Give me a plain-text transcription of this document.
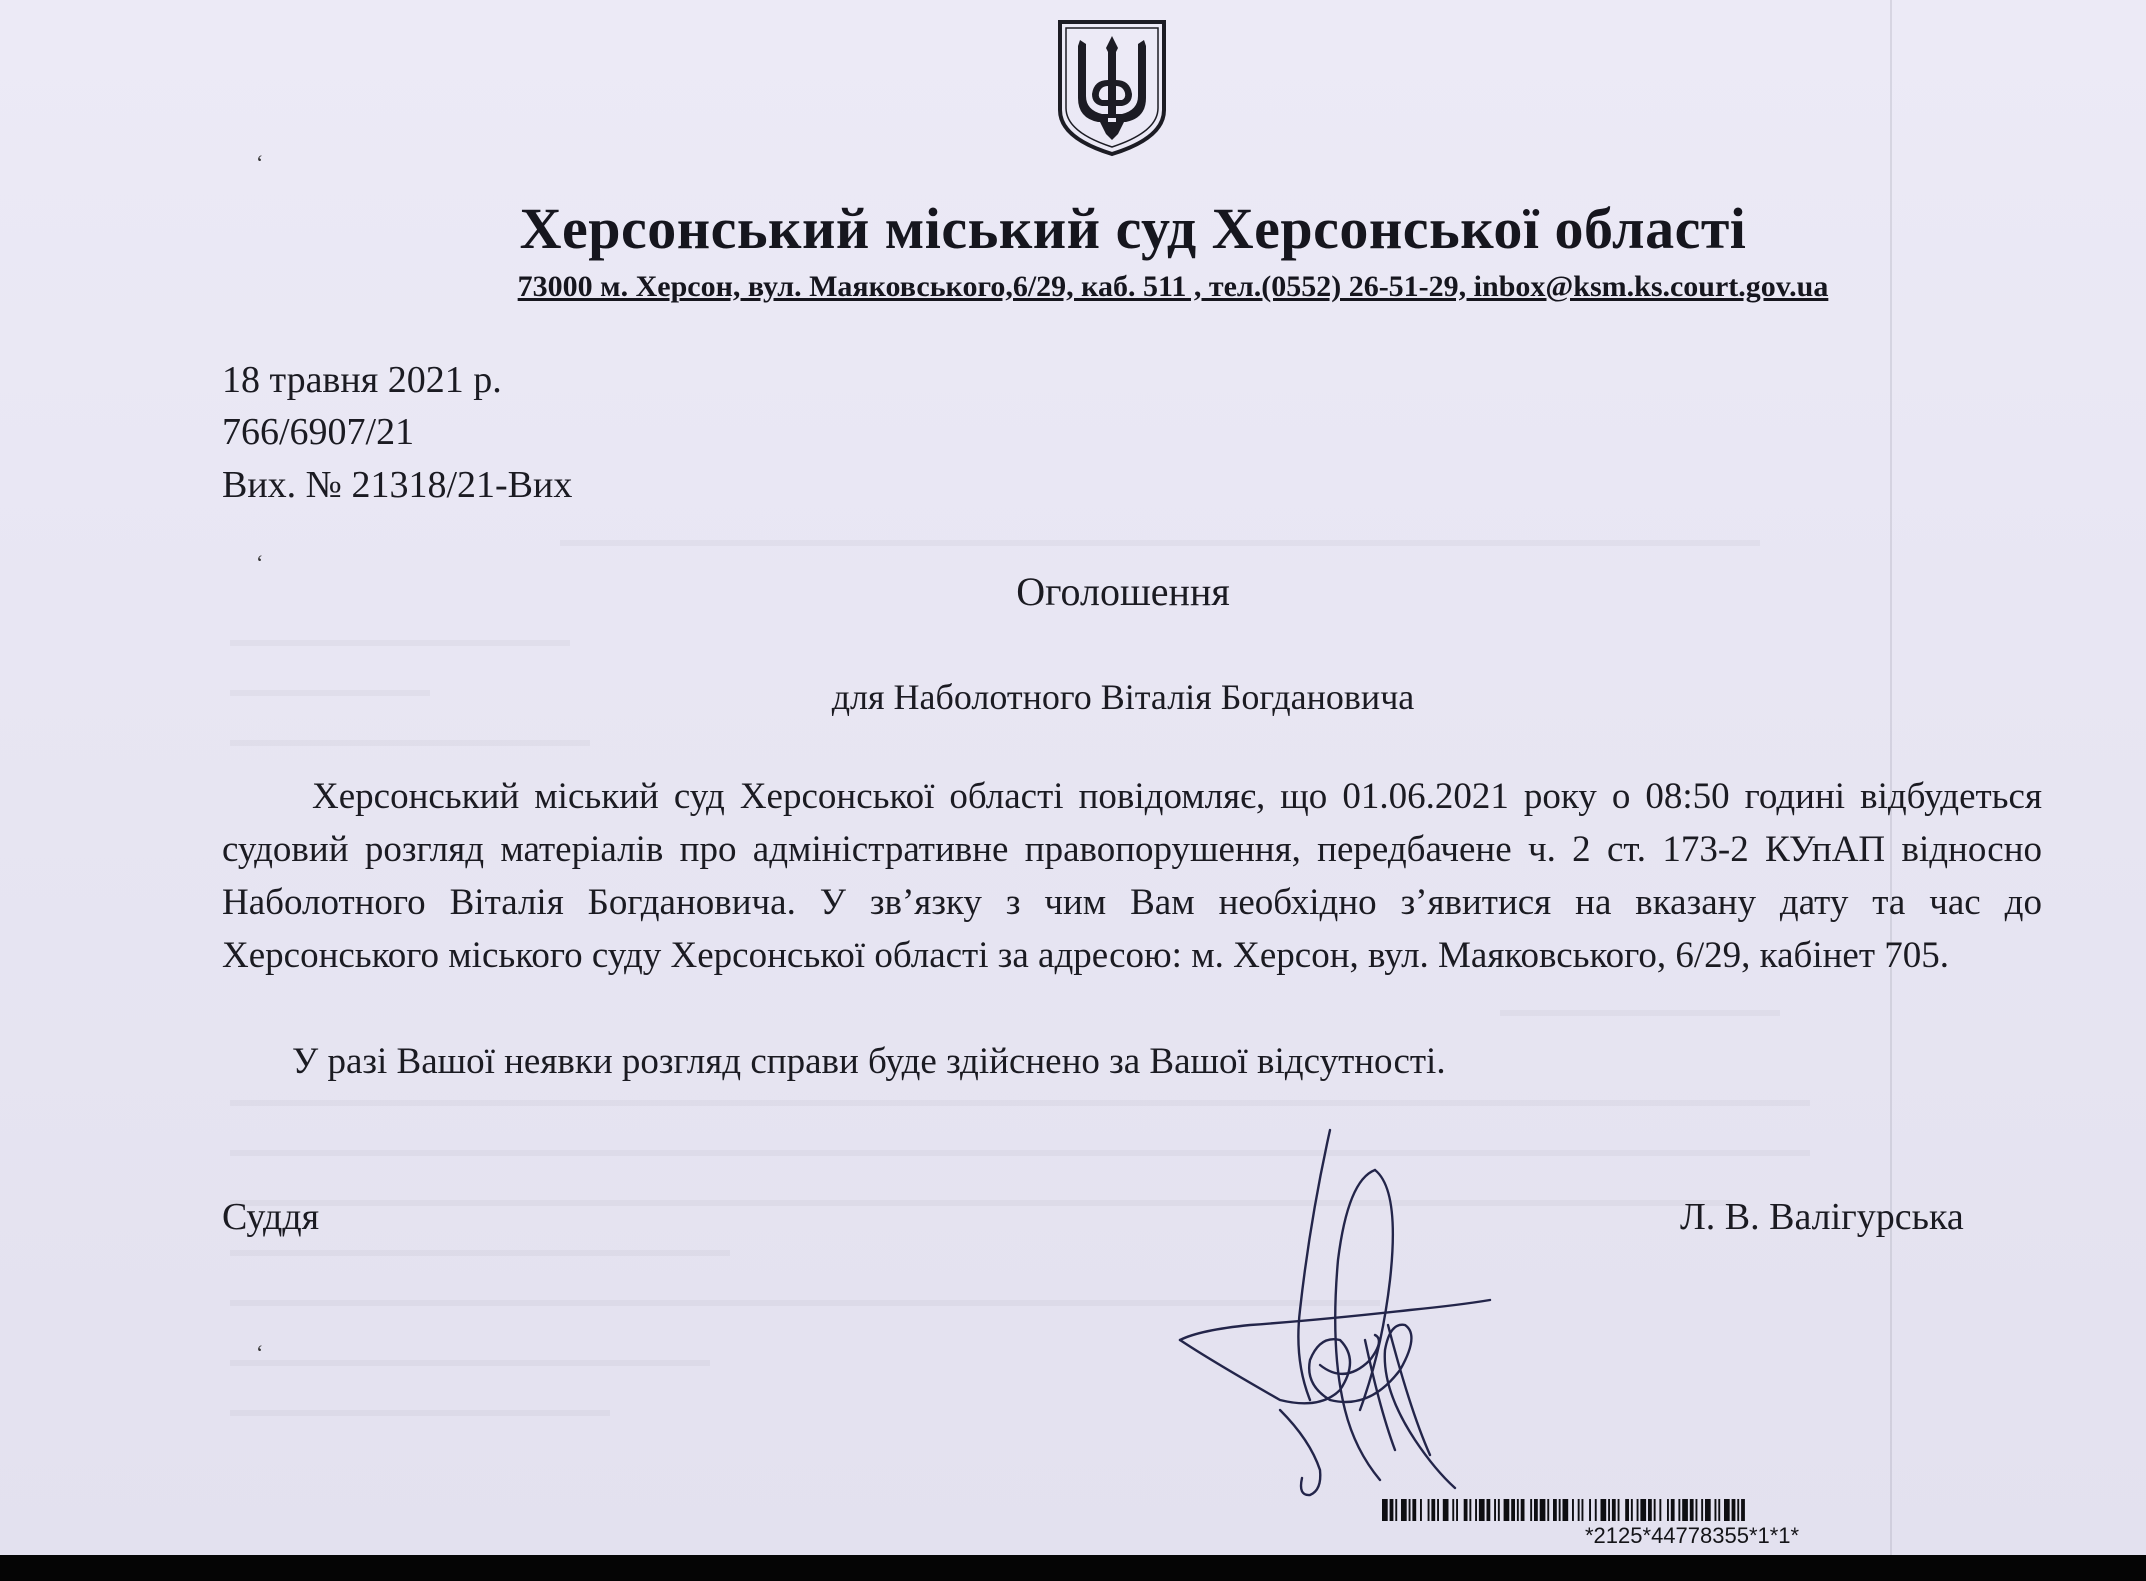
ʻ
ʻ
ʻ
Херсонський міський суд Херсонської області
73000 м. Херсон, вул. Маяковського,6/29, каб. 511 , тел.(0552) 26-51-29, inbox@ksm.ks.court.gov.ua
18 травня 2021 р.
766/6907/21
Вих. № 21318/21-Вих
Оголошення
для Наболотного Віталія Богдановича

Херсонський міський суд Херсонської області повідомляє, що 01.06.2021 року о 08:50 годині відбудеться судовий розгляд матеріалів про адміністративне правопорушення, передбачене ч. 2 ст. 173-2 КУпАП відносно Наболотного Віталія Богдановича. У зв’язку з чим Вам необхідно з’явитися на вказану дату та час до Херсонського міського суду Херсонської області за адресою: м. Херсон, вул. Маяковського, 6/29, кабінет 705.

У разі Вашої неявки розгляд справи буде здійснено за Вашої відсутності.

Суддя	Л. В. Валігурська
*2125*44778355*1*1*
